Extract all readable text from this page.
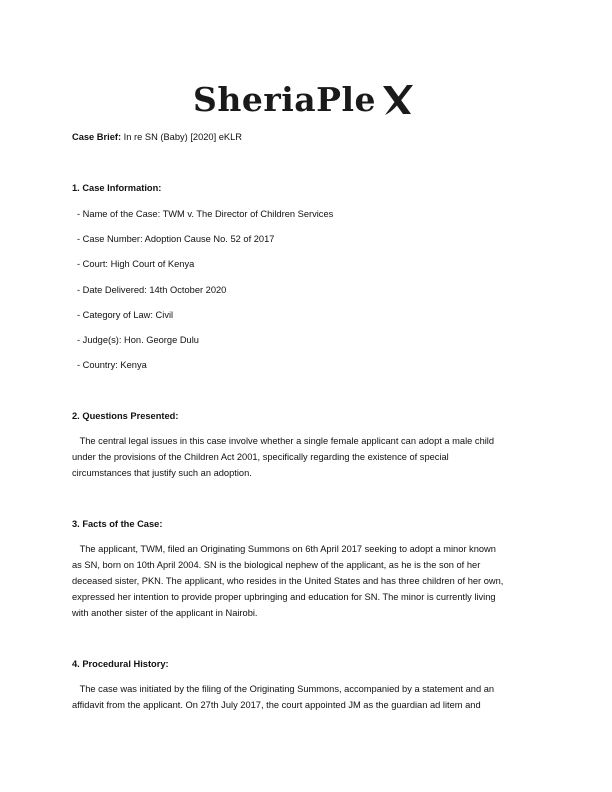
SheriaPle
Case Brief: In re SN (Baby) [2020] eKLR
1. Case Information:
- Name of the Case: TWM v. The Director of Children Services
- Case Number: Adoption Cause No. 52 of 2017
- Court: High Court of Kenya
- Date Delivered: 14th October 2020
- Category of Law: Civil
- Judge(s): Hon. George Dulu
- Country: Kenya
2. Questions Presented:
The central legal issues in this case involve whether a single female applicant can adopt a male child
under the provisions of the Children Act 2001, specifically regarding the existence of special
circumstances that justify such an adoption.
3. Facts of the Case:
The applicant, TWM, filed an Originating Summons on 6th April 2017 seeking to adopt a minor known
as SN, born on 10th April 2004. SN is the biological nephew of the applicant, as he is the son of her
deceased sister, PKN. The applicant, who resides in the United States and has three children of her own,
expressed her intention to provide proper upbringing and education for SN. The minor is currently living
with another sister of the applicant in Nairobi.
4. Procedural History:
The case was initiated by the filing of the Originating Summons, accompanied by a statement and an
affidavit from the applicant. On 27th July 2017, the court appointed JM as the guardian ad litem and
